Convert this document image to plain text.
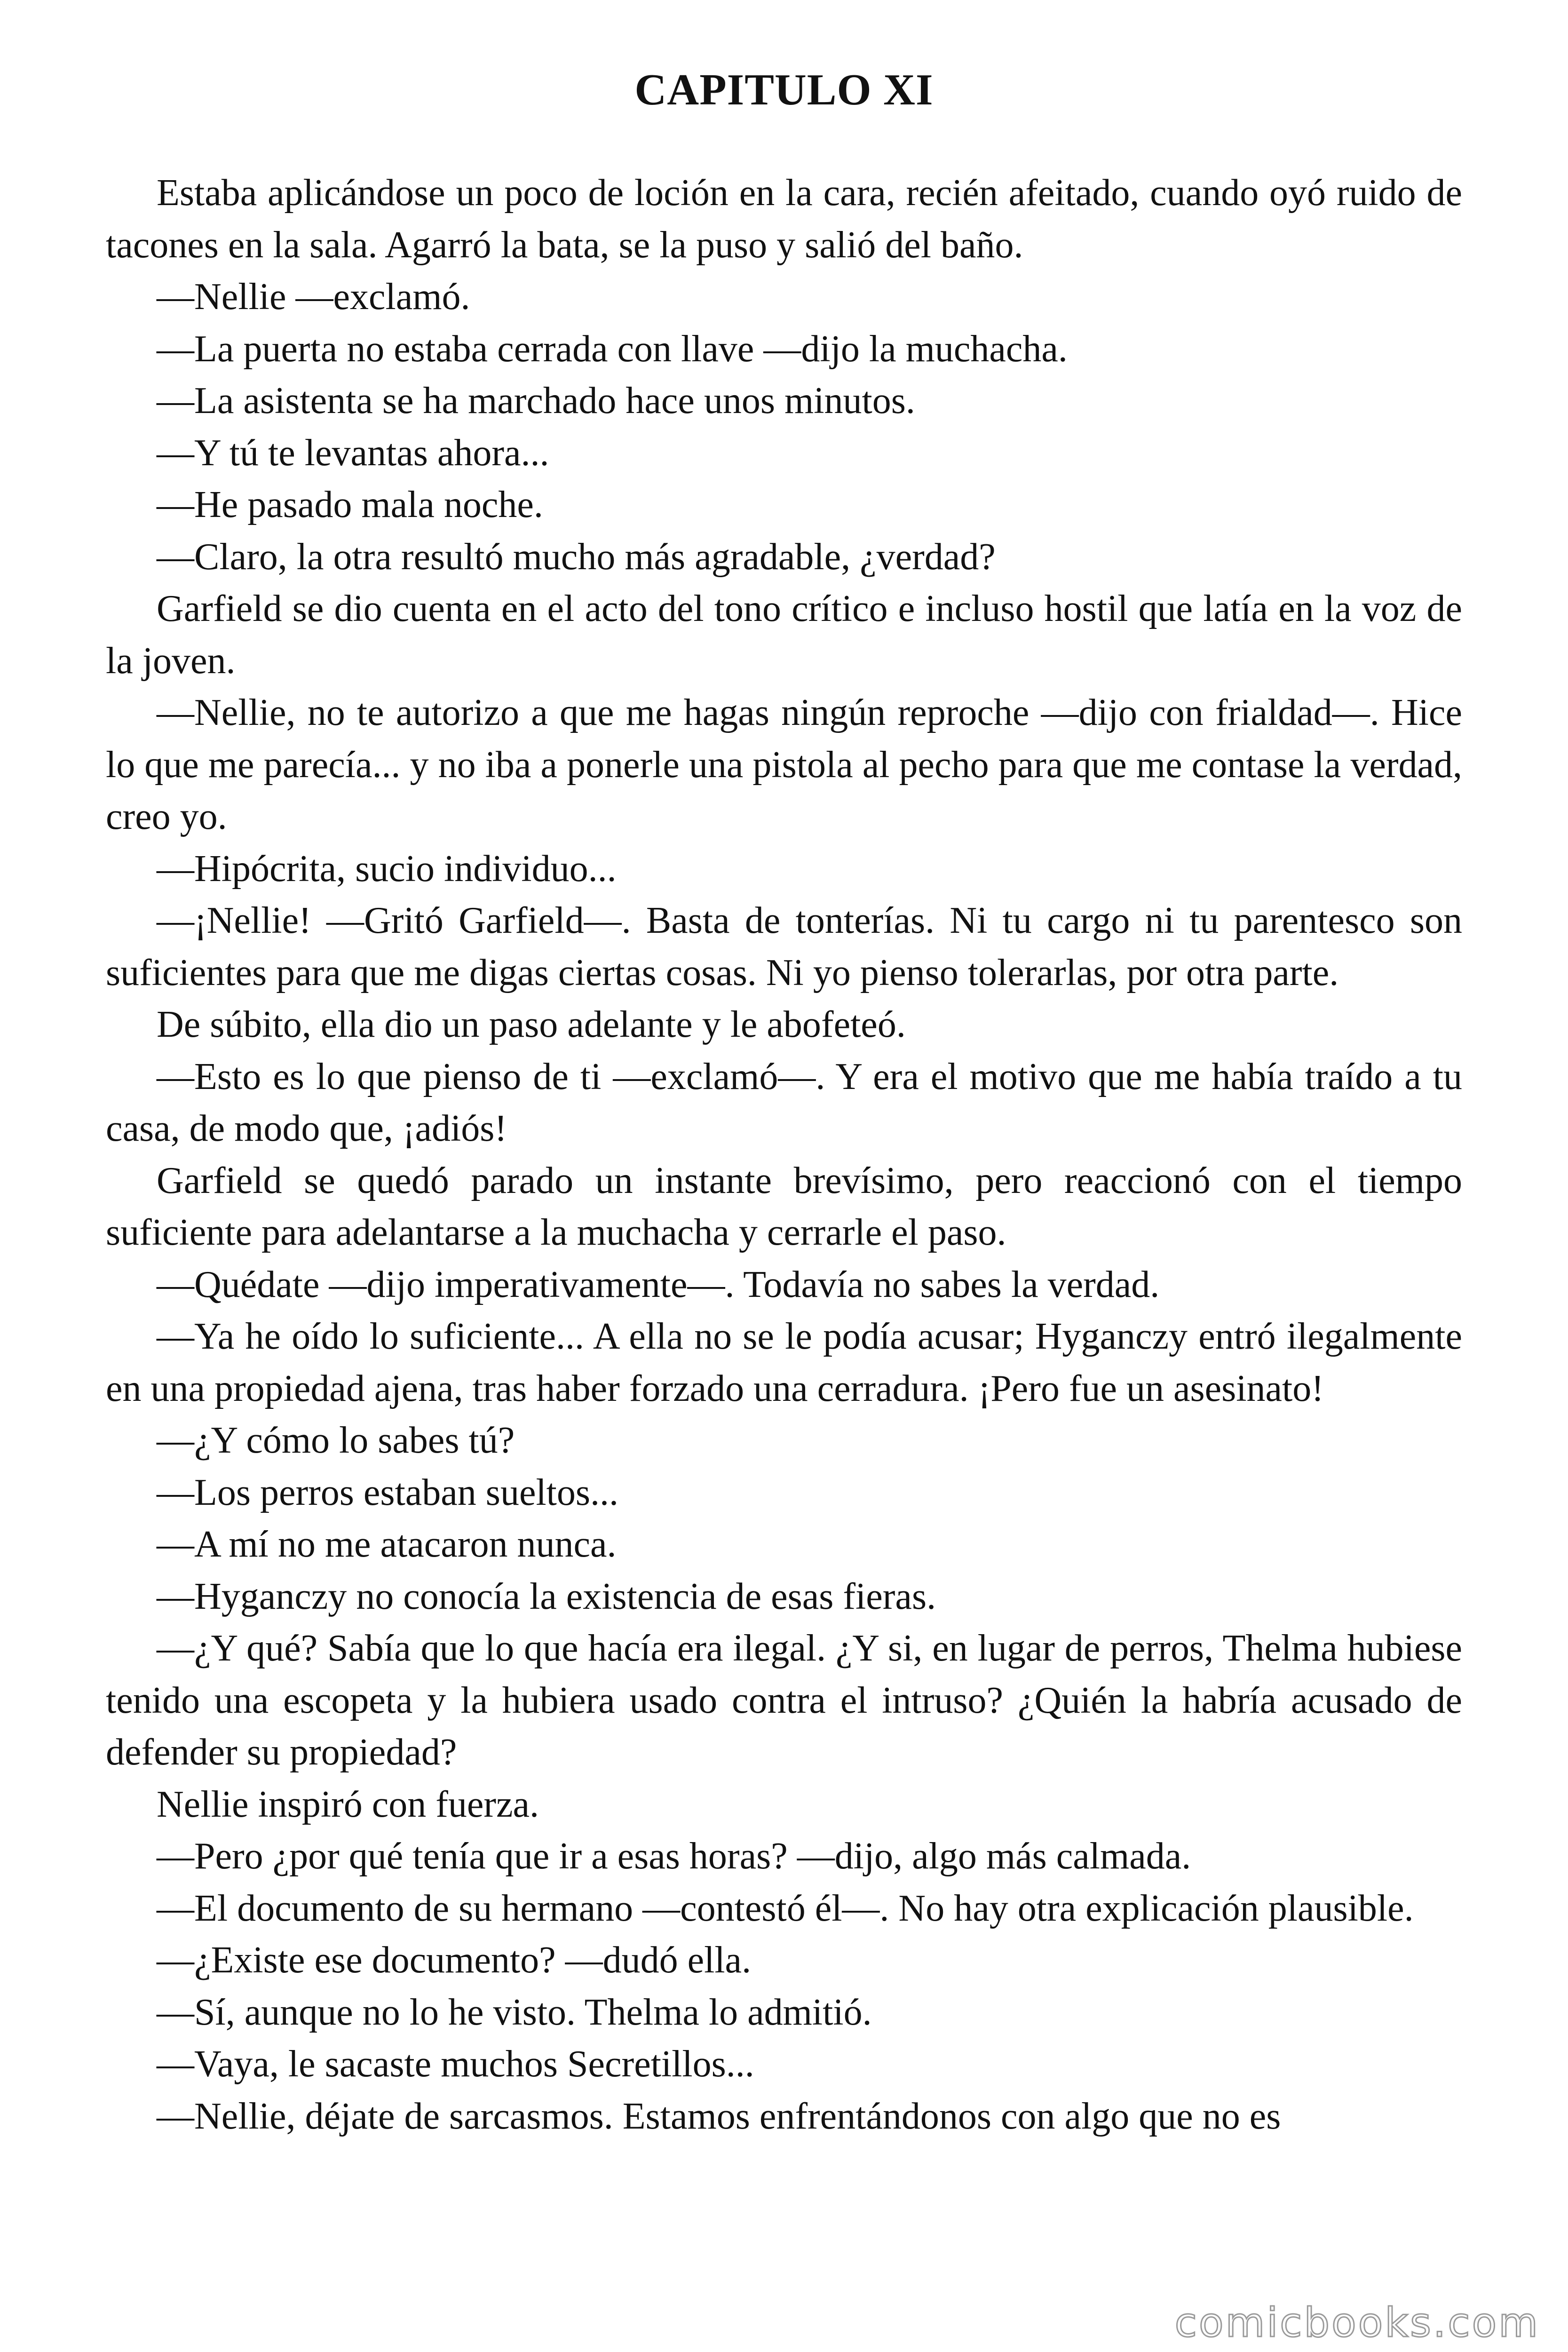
CAPITULO XI

Estaba aplicándose un poco de loción en la cara, recién afeitado, cuando oyó ruido de tacones en la sala. Agarró la bata, se la puso y salió del baño.

—Nellie —exclamó.

—La puerta no estaba cerrada con llave —dijo la muchacha.

—La asistenta se ha marchado hace unos minutos.

—Y tú te levantas ahora...

—He pasado mala noche.

—Claro, la otra resultó mucho más agradable, ¿verdad?

Garfield se dio cuenta en el acto del tono crítico e incluso hostil que latía en la voz de la joven.

—Nellie, no te autorizo a que me hagas ningún reproche —dijo con frialdad—. Hice lo que me parecía... y no iba a ponerle una pistola al pecho para que me contase la verdad, creo yo.

—Hipócrita, sucio individuo...

—¡Nellie! —Gritó Garfield—. Basta de tonterías. Ni tu cargo ni tu parentesco son suficientes para que me digas ciertas cosas. Ni yo pienso tolerarlas, por otra parte.

De súbito, ella dio un paso adelante y le abofeteó.

—Esto es lo que pienso de ti —exclamó—. Y era el motivo que me había traído a tu casa, de modo que, ¡adiós!

Garfield se quedó parado un instante brevísimo, pero reaccionó con el tiempo suficiente para adelantarse a la muchacha y cerrarle el paso.

—Quédate —dijo imperativamente—. Todavía no sabes la verdad.

—Ya he oído lo suficiente... A ella no se le podía acusar; Hyganczy entró ilegalmente en una propiedad ajena, tras haber forzado una cerradura. ¡Pero fue un asesinato!

—¿Y cómo lo sabes tú?

—Los perros estaban sueltos...

—A mí no me atacaron nunca.

—Hyganczy no conocía la existencia de esas fieras.

—¿Y qué? Sabía que lo que hacía era ilegal. ¿Y si, en lugar de perros, Thelma hubiese tenido una escopeta y la hubiera usado contra el intruso? ¿Quién la habría acusado de defender su propiedad?

Nellie inspiró con fuerza.

—Pero ¿por qué tenía que ir a esas horas? —dijo, algo más calmada.

—El documento de su hermano —contestó él—. No hay otra explicación plausible.

—¿Existe ese documento? —dudó ella.

—Sí, aunque no lo he visto. Thelma lo admitió.

—Vaya, le sacaste muchos Secretillos...

—Nellie, déjate de sarcasmos. Estamos enfrentándonos con algo que no es

comicbooks.com
